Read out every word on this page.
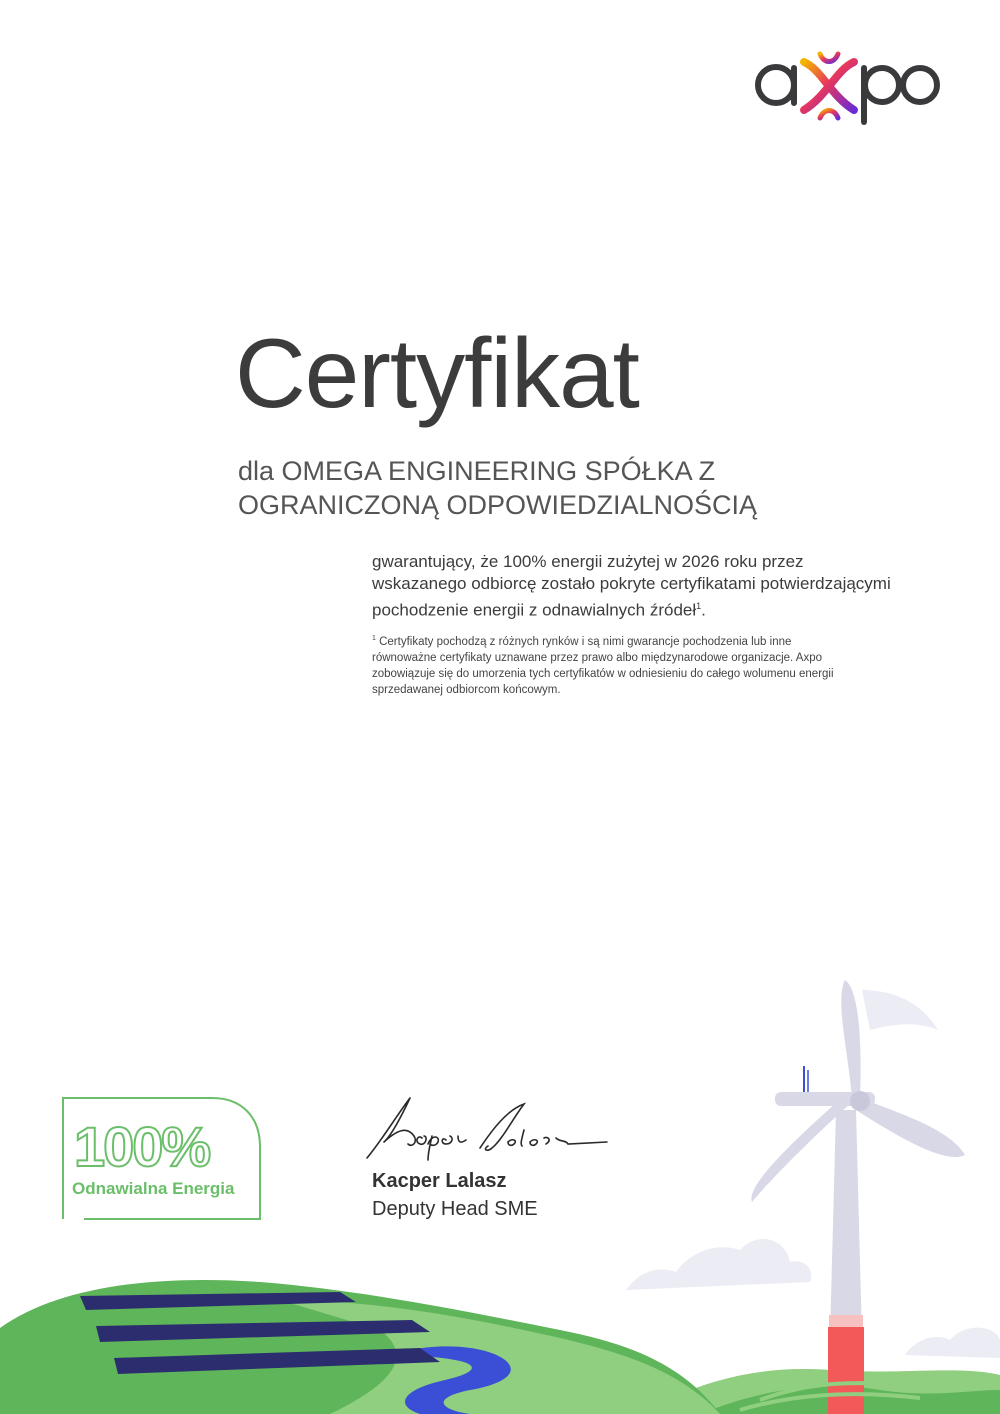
Certyfikat
dla OMEGA ENGINEERING SPÓŁKA Z OGRANICZONĄ ODPOWIEDZIALNOŚCIĄ

gwarantujący, że 100% energii zużytej w 2026 roku przez wskazanego odbiorcę zostało pokryte certyfikatami potwierdzającymi pochodzenie energii z odnawialnych źródeł$^1$.

$^1$ Certyfikaty pochodzą z różnych rynków i są nimi gwarancje pochodzenia lub inne równoważne certyfikaty uznawane przez prawo albo międzynarodowe organizacje. Axpo zobowiązuje się do umorzenia tych certyfikatów w odniesieniu do całego wolumenu energii sprzedawanej odbiorcom końcowym.

100%
Odnawialna Energia	Kacper Lalasz

Deputy Head SME
